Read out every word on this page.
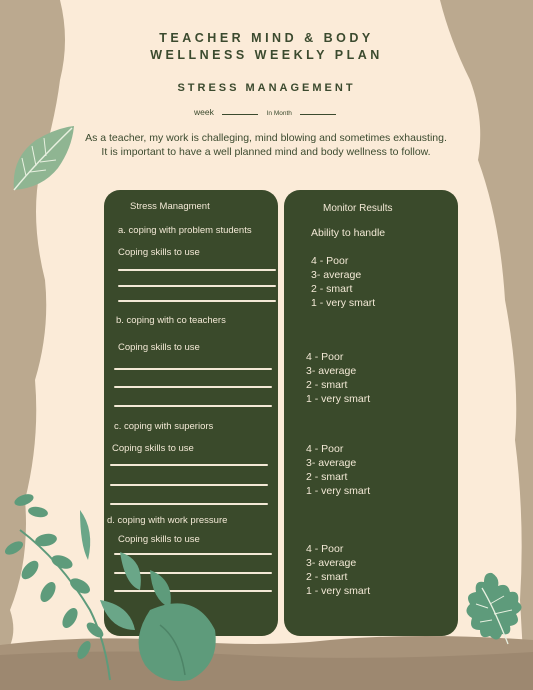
TEACHER MIND & BODY
WELLNESS WEEKLY PLAN
STRESS MANAGEMENT
week	In Month
As a teacher, my work is challeging, mind blowing and sometimes exhausting.
It is important to have a well planned mind and body wellness to follow.
Stress Managment
a. coping with problem students
Coping skills to use
b. coping with co teachers
Coping skills to use
c. coping with superiors
Coping skills to use
d. coping with work pressure
Coping skills to use
Monitor Results
Ability to handle
4 - Poor
3- average
2 - smart
1 - very smart
4 - Poor
3- average
2 - smart
1 - very smart
4 - Poor
3- average
2 - smart
1 - very smart
4 - Poor
3- average
2 - smart
1 - very smart
